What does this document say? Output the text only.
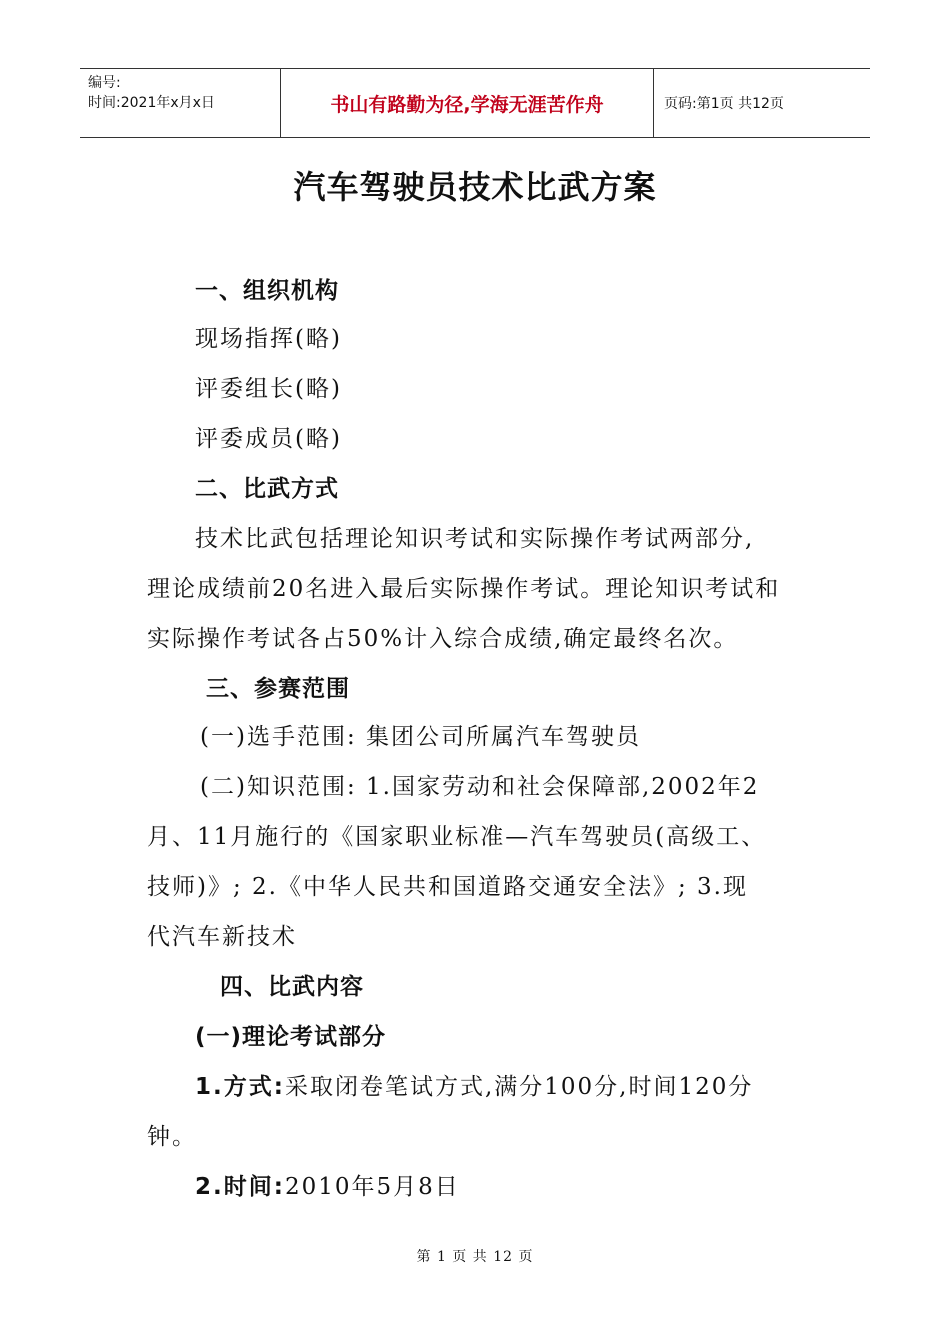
编号:
时间:2021年x月x日	书山有路勤为径,学海无涯苦作舟	页码:第1页 共12页
汽车驾驶员技术比武方案
一、组织机构
现场指挥(略)
评委组长(略)
评委成员(略)
二、比武方式
技术比武包括理论知识考试和实际操作考试两部分,
理论成绩前20名进入最后实际操作考试。理论知识考试和
实际操作考试各占50%计入综合成绩,确定最终名次。
三、参赛范围
(一)选手范围: 集团公司所属汽车驾驶员
(二)知识范围: 1.国家劳动和社会保障部,2002年2
月、11月施行的《国家职业标准—汽车驾驶员(高级工、
技师)》; 2.《中华人民共和国道路交通安全法》; 3.现
代汽车新技术
四、比武内容
(一)理论考试部分
1.方式:采取闭卷笔试方式,满分100分,时间120分
钟。
2.时间:2010年5月8日
第 1 页 共 12 页
